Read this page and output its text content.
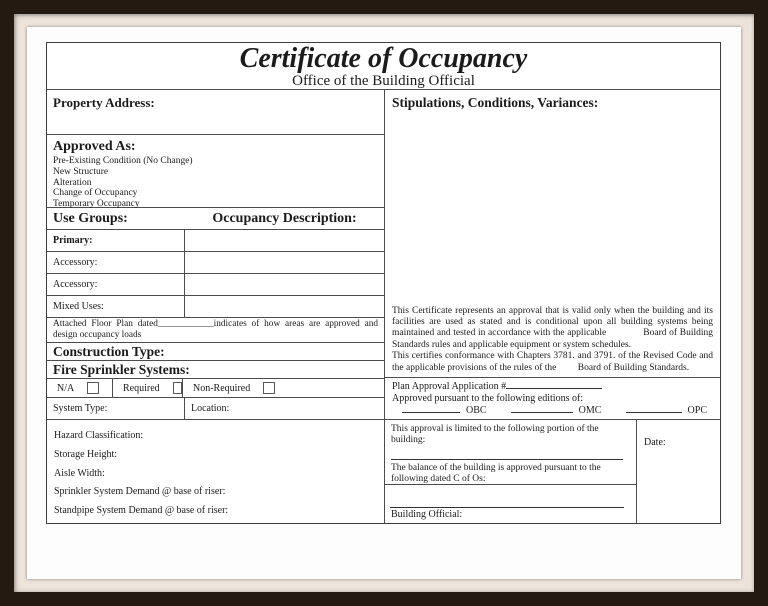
Certificate of Occupancy
Office of the Building Official
Property Address:
Approved As:
Pre-Existing Condition (No Change)
New Structure
Alteration
Change of Occupancy
Temporary Occupancy
Use Groups:	Occupancy Description:
Primary:
Accessory:
Accessory:
Mixed Uses:
Attached Floor Plan dated____________indicates of how areas are approved and design occupancy loads
Construction Type:
Fire Sprinkler Systems:
N/A	Required	Non-Required
System Type:	Location:
Hazard Classification:
Storage Height:
Aisle Width:
Sprinkler System Demand @ base of riser:
Standpipe System Demand @ base of riser:
Stipulations, Conditions, Variances:

This Certificate represents an approval that is valid only when the building and its facilities are used as stated and is conditional upon all building systems being maintained and tested in accordance with the applicable              Board of Building Standards rules and applicable equipment or system schedules.

This certifies conformance with Chapters 3781. and 3791. of the Revised Code and the applicable provisions of the rules of the         Board of Building Standards.

Plan Approval Application #
Approved pursuant to the following editions of:
OBC	OMC	OPC
This approval is limited to the following portion of the building:
The balance of the building is approved pursuant to the following dated C of Os:
Building Official:
Date:
